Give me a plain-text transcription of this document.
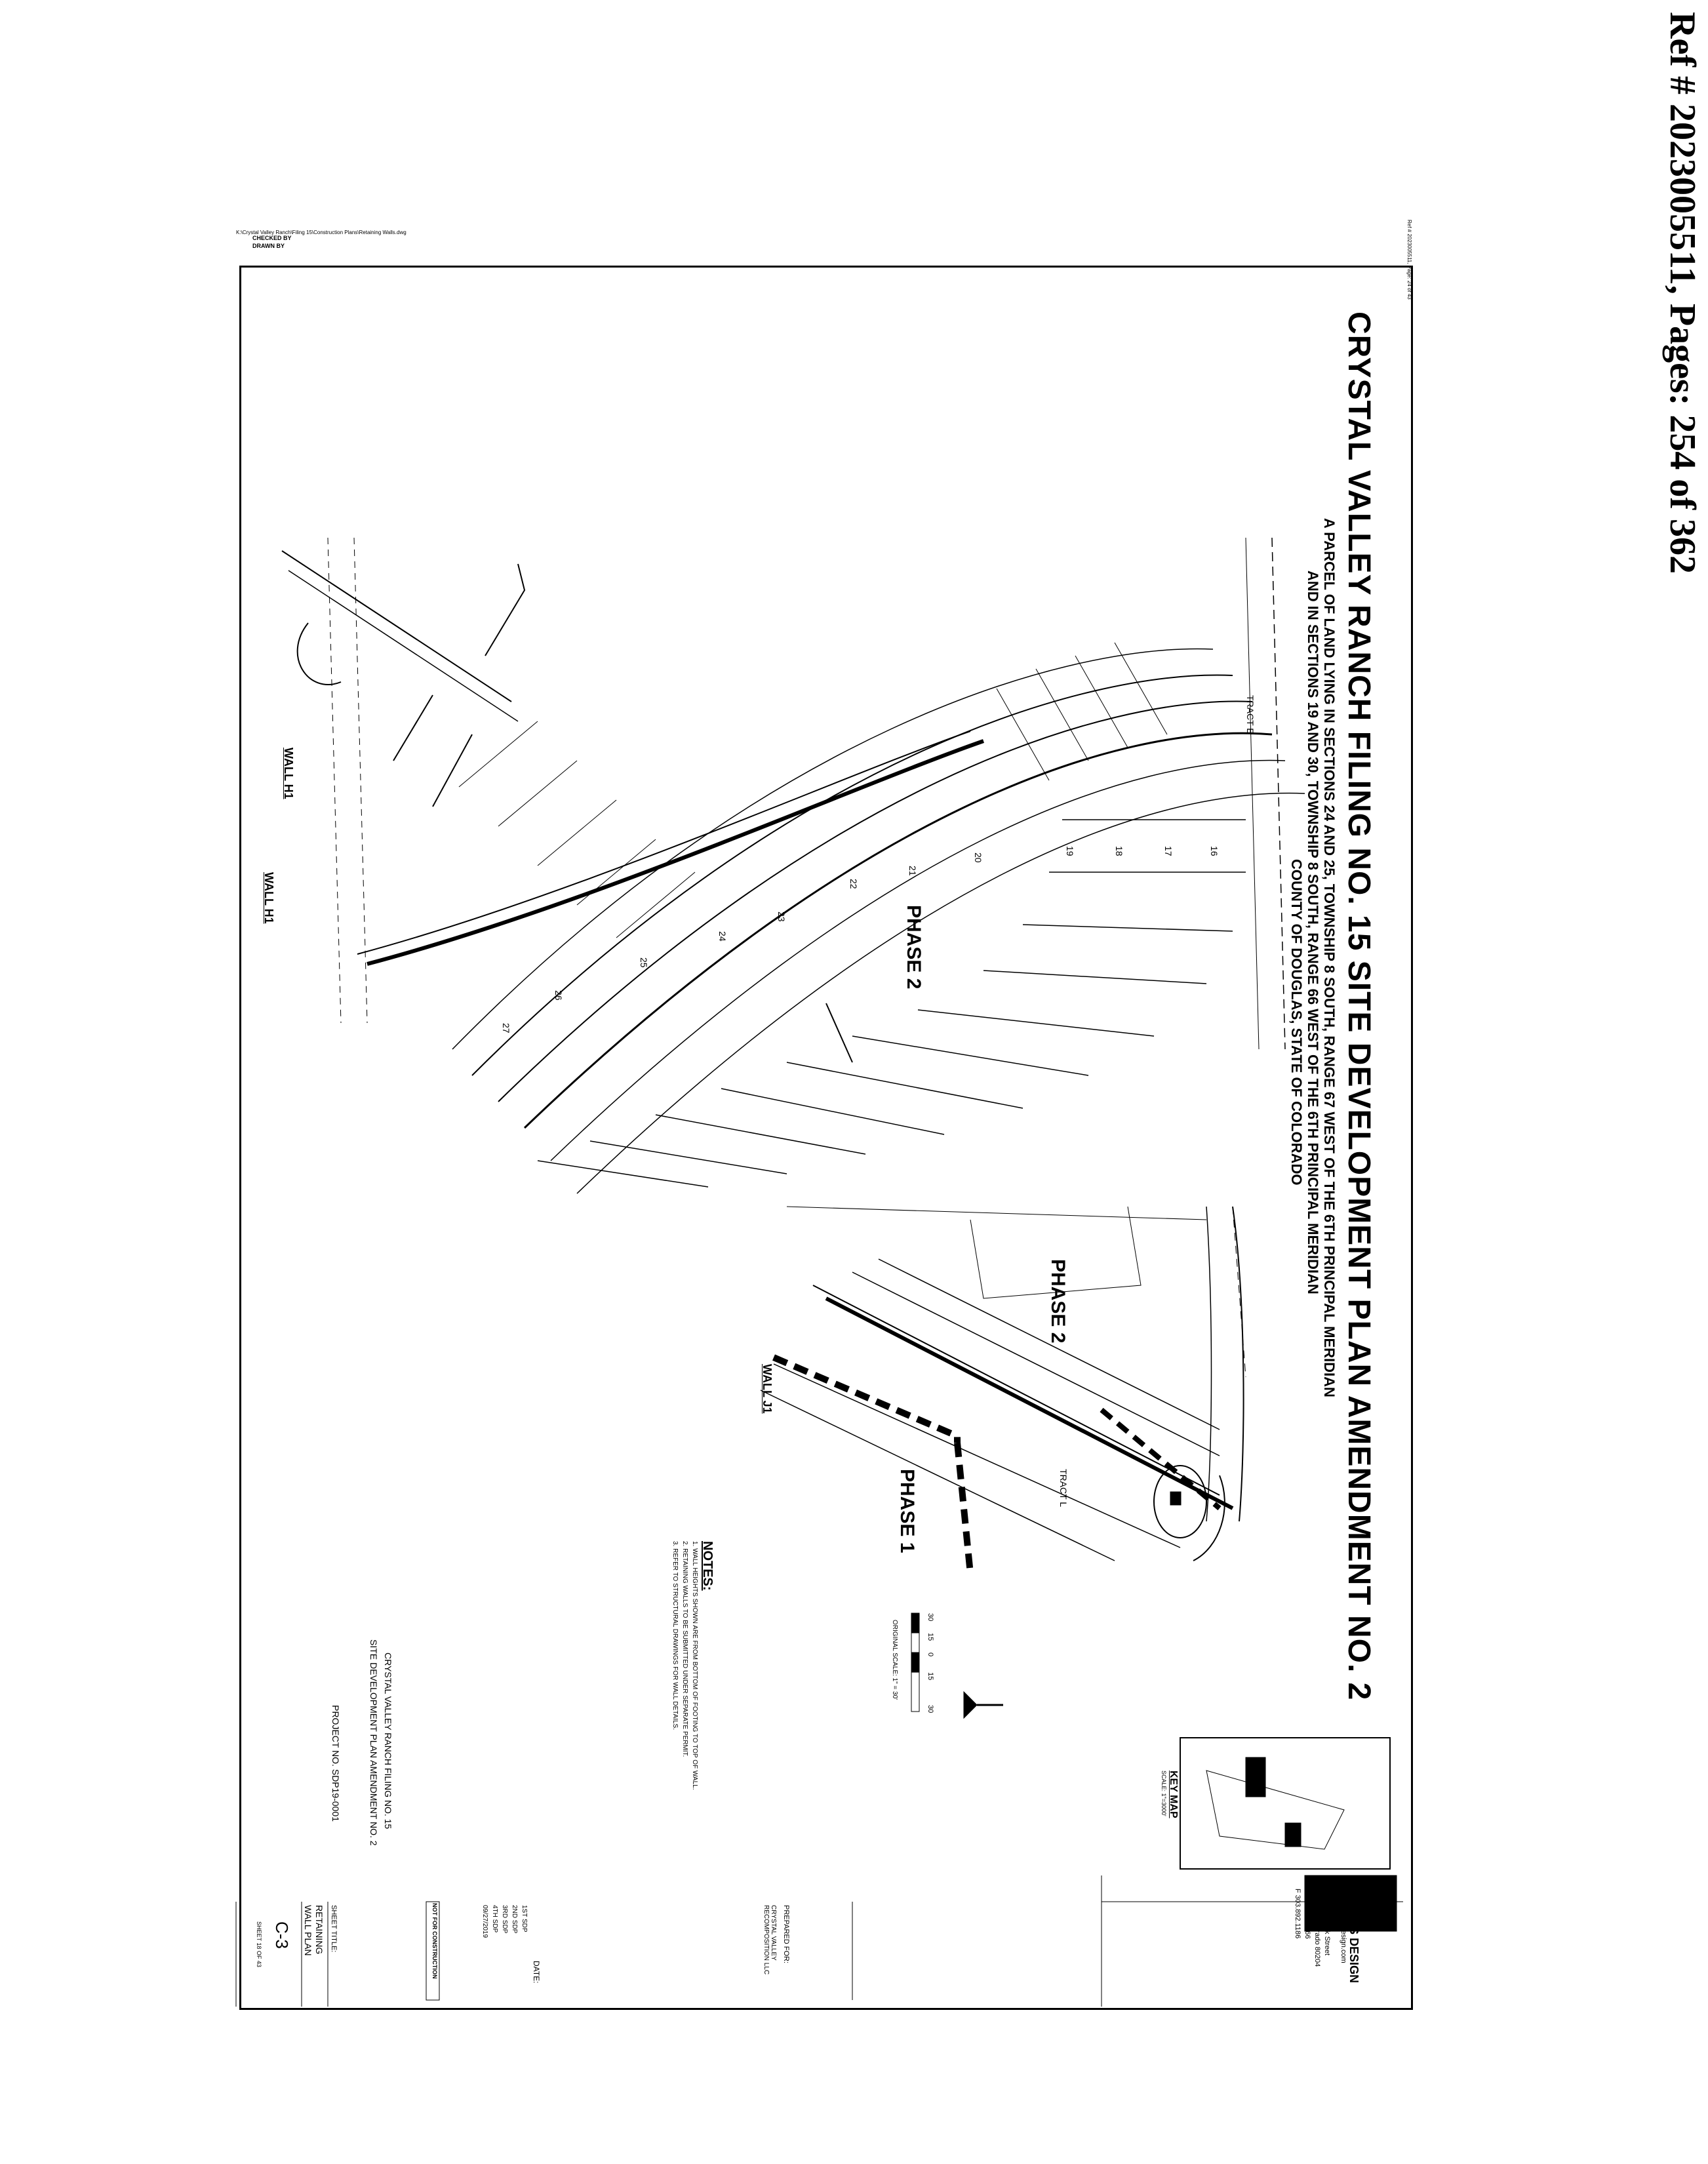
Ref # 2023005511, Pages: 254 of 362
K:\Crystal Valley Ranch\Filing 15\Construction Plans\Retaining Walls.dwg
CHECKED BY
DRAWN BY	Ref # 2023005511, Page: 24 of 43
CRYSTAL VALLEY RANCH FILING NO. 15 SITE DEVELOPMENT PLAN AMENDMENT NO. 2
A PARCEL OF LAND LYING IN SECTIONS 24 AND 25, TOWNSHIP 8 SOUTH, RANGE 67 WEST OF THE 6TH PRINCIPAL MERIDIAN
AND IN SECTIONS 19 AND 30, TOWNSHIP 8 SOUTH, RANGE 66 WEST OF THE 6TH PRINCIPAL MERIDIAN
COUNTY OF DOUGLAS, STATE OF COLORADO
PHASE 2
PHASE 2
PHASE 1
WALL H1
WALL H1
WALL J1
TRACT E
TRACT L
16
17
18
19
20
21
22
23
24
25
26
27
NOTES:
1. WALL HEIGHTS SHOWN ARE FROM BOTTOM OF FOOTING TO TOP OF WALL.
2. RETAINING WALLS TO BE SUBMITTED UNDER SEPARATE PERMIT.
3. REFER TO STRUCTURAL DRAWINGS FOR WALL DETAILS.	30
15
0
15
30
ORIGINAL SCALE: 1" = 30'
KEY MAP
SCALE: 1"=3000'
NORRIS DESIGN
www.norris-design.com
1101 Bannock Street
Denver, Colorado 80204
P 303.892.1166
F 303.892.1186
PREPARED FOR:
CRYSTAL VALLEY RECOMPOSITION LLC
CRYSTAL VALLEY RANCH FILING NO. 15
SITE DEVELOPMENT PLAN AMENDMENT NO. 2
PROJECT NO. SDP19-0001
DATE:
1ST SDP
2ND SDP
3RD SDP
4TH SDP
09/27/2019
NOT FOR CONSTRUCTION
SHEET TITLE:
RETAINING
WALL PLAN
C-3
SHEET 18 OF 43
